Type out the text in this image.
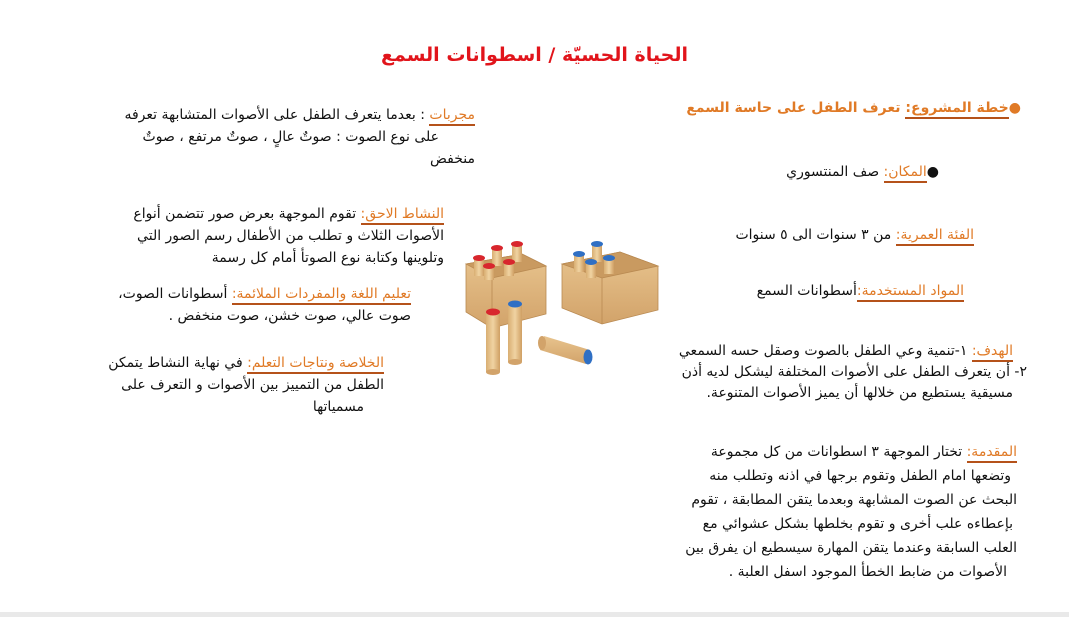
الحياة الحسيّة / اسطوانات السمع
●خطة المشروع: تعرف الطفل على حاسة السمع
●المكان: صف المنتسوري
الفئة العمرية: من ٣ سنوات الى ٥ سنوات
المواد المستخدمة:أسطوانات السمع
الهدف: ١-تنمية وعي الطفل بالصوت وصقل حسه السمعي
٢- أن يتعرف الطفل على الأصوات المختلفة ليشكل لديه أذن
مسيقية يستطيع من خلالها أن يميز الأصوات المتنوعة.
المقدمة: تختار الموجهة ٣ اسطوانات من كل مجموعة
وتضعها امام الطفل وتقوم برجها في اذنه وتطلب منه
البحث عن الصوت المشابهة وبعدما يتقن المطابقة ، تقوم
بإعطاءه علب أخرى و تقوم بخلطها بشكل عشوائي مع
العلب السابقة وعندما يتقن المهارة سيسطيع ان يفرق بين
الأصوات من ضابط الخطأ الموجود اسفل العلبة .
مجربات : بعدما يتعرف الطفل على الأصوات المتشابهة تعرفه
على نوع الصوت : صوتٌ عالٍ ، صوتٌ مرتفع ، صوتٌ
منخفض
النشاط الاحق: تقوم الموجهة بعرض صور تتضمن أنواع
الأصوات الثلاث و تطلب من الأطفال رسم الصور التي
وتلوينها وكتابة نوع الصوتأ أمام كل رسمة
تعليم اللغة والمفردات الملائمة: أسطوانات الصوت،
صوت عالي، صوت خشن، صوت منخفض .
الخلاصة ونتاجات التعلم: في نهاية النشاط يتمكن
الطفل من التمييز بين الأصوات و التعرف على
مسمياتها
